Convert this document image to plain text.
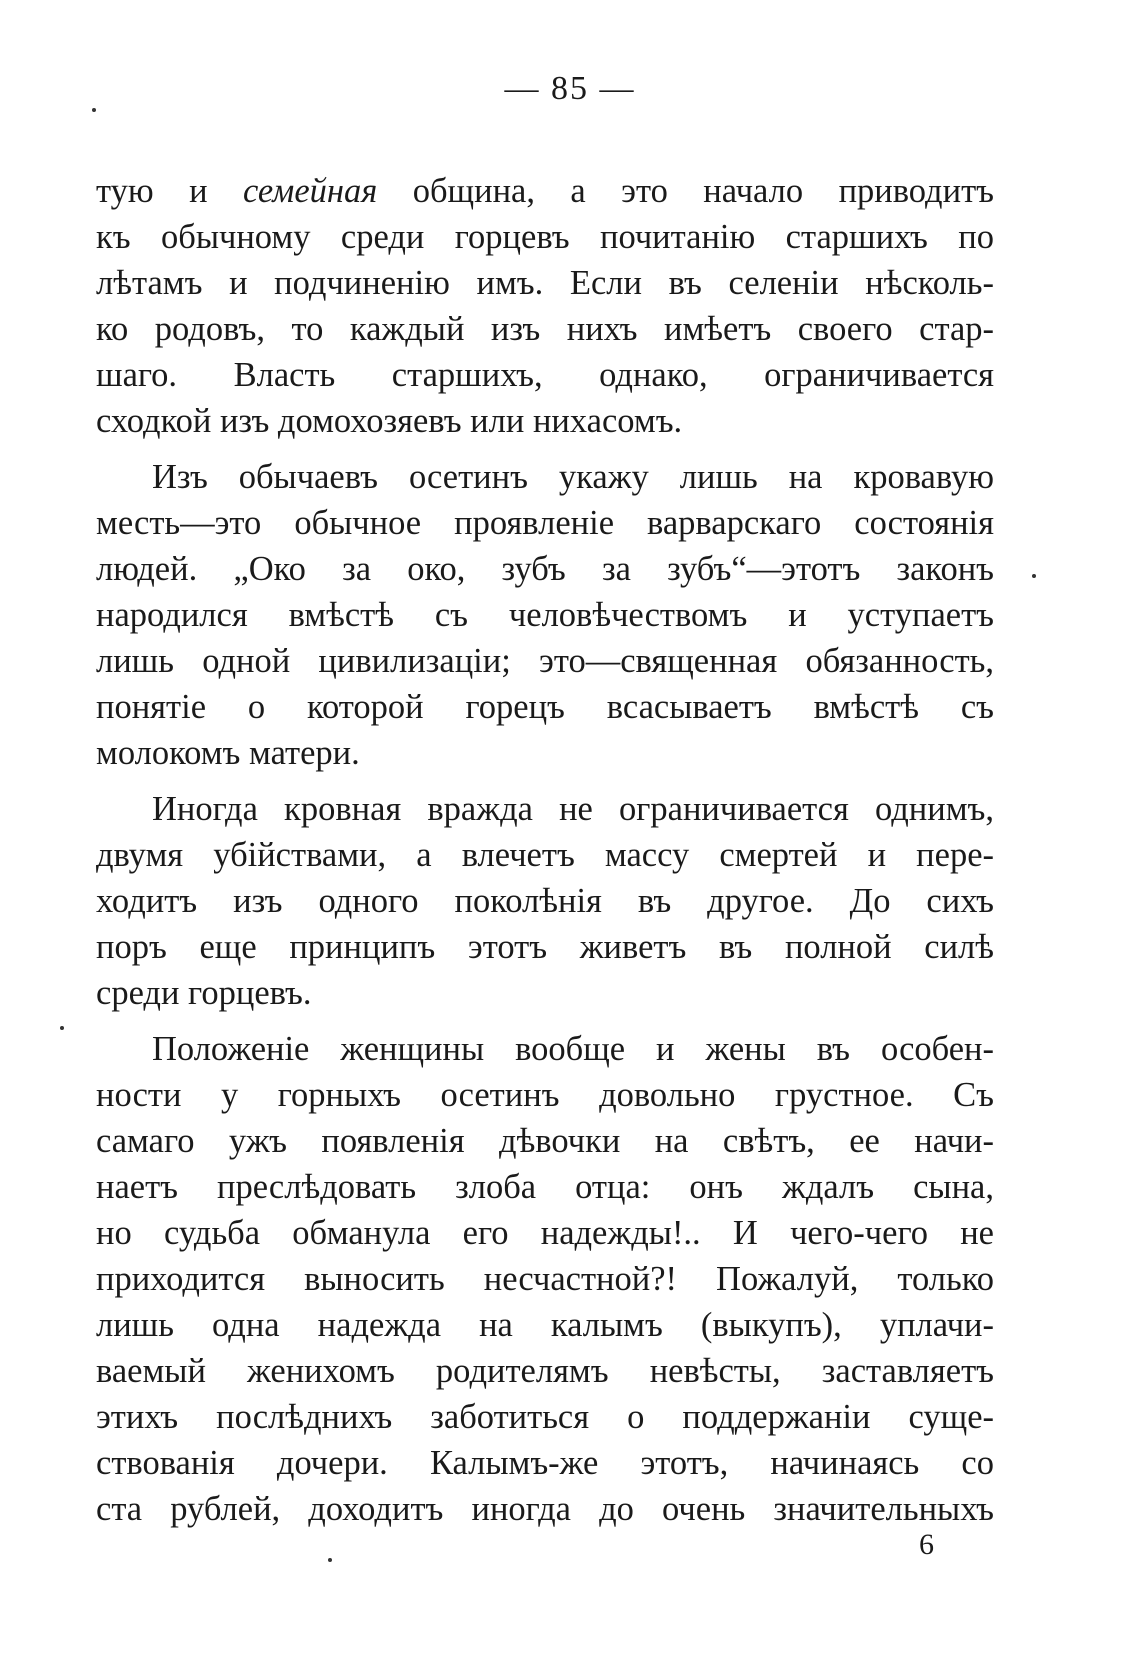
— 85 —

тую и семейная община, а это начало приводитъ
къ обычному среди горцевъ почитанію старшихъ по
лѣтамъ и подчиненію имъ. Если въ селеніи нѣсколь-
ко родовъ, то каждый изъ нихъ имѣетъ своего стар-
шаго. Власть старшихъ, однако, ограничивается
сходкой изъ домохозяевъ или нихасомъ.

Изъ обычаевъ осетинъ укажу лишь на кровавую
месть—это обычное проявленіе варварскаго состоянія
людей. „Око за око, зубъ за зубъ“—этотъ законъ
народился вмѣстѣ съ человѣчествомъ и уступаетъ
лишь одной цивилизаціи; это—священная обязанность,
понятіе о которой горецъ всасываетъ вмѣстѣ съ
молокомъ матери.

Иногда кровная вражда не ограничивается однимъ,
двумя убійствами, а влечетъ массу смертей и пере-
ходитъ изъ одного поколѣнія въ другое. До сихъ
поръ еще принципъ этотъ живетъ въ полной силѣ
среди горцевъ.

Положеніе женщины вообще и жены въ особен-
ности у горныхъ осетинъ довольно грустное. Съ
самаго ужъ появленія дѣвочки на свѣтъ, ее начи-
наетъ преслѣдовать злоба отца: онъ ждалъ сына,
но судьба обманула его надежды!.. И чего-чего не
приходится выносить несчастной?! Пожалуй, только
лишь одна надежда на калымъ (выкупъ), уплачи-
ваемый женихомъ родителямъ невѣсты, заставляетъ
этихъ послѣднихъ заботиться о поддержаніи суще-
ствованія дочери. Калымъ-же этотъ, начинаясь со
ста рублей, доходитъ иногда до очень значительныхъ

6
